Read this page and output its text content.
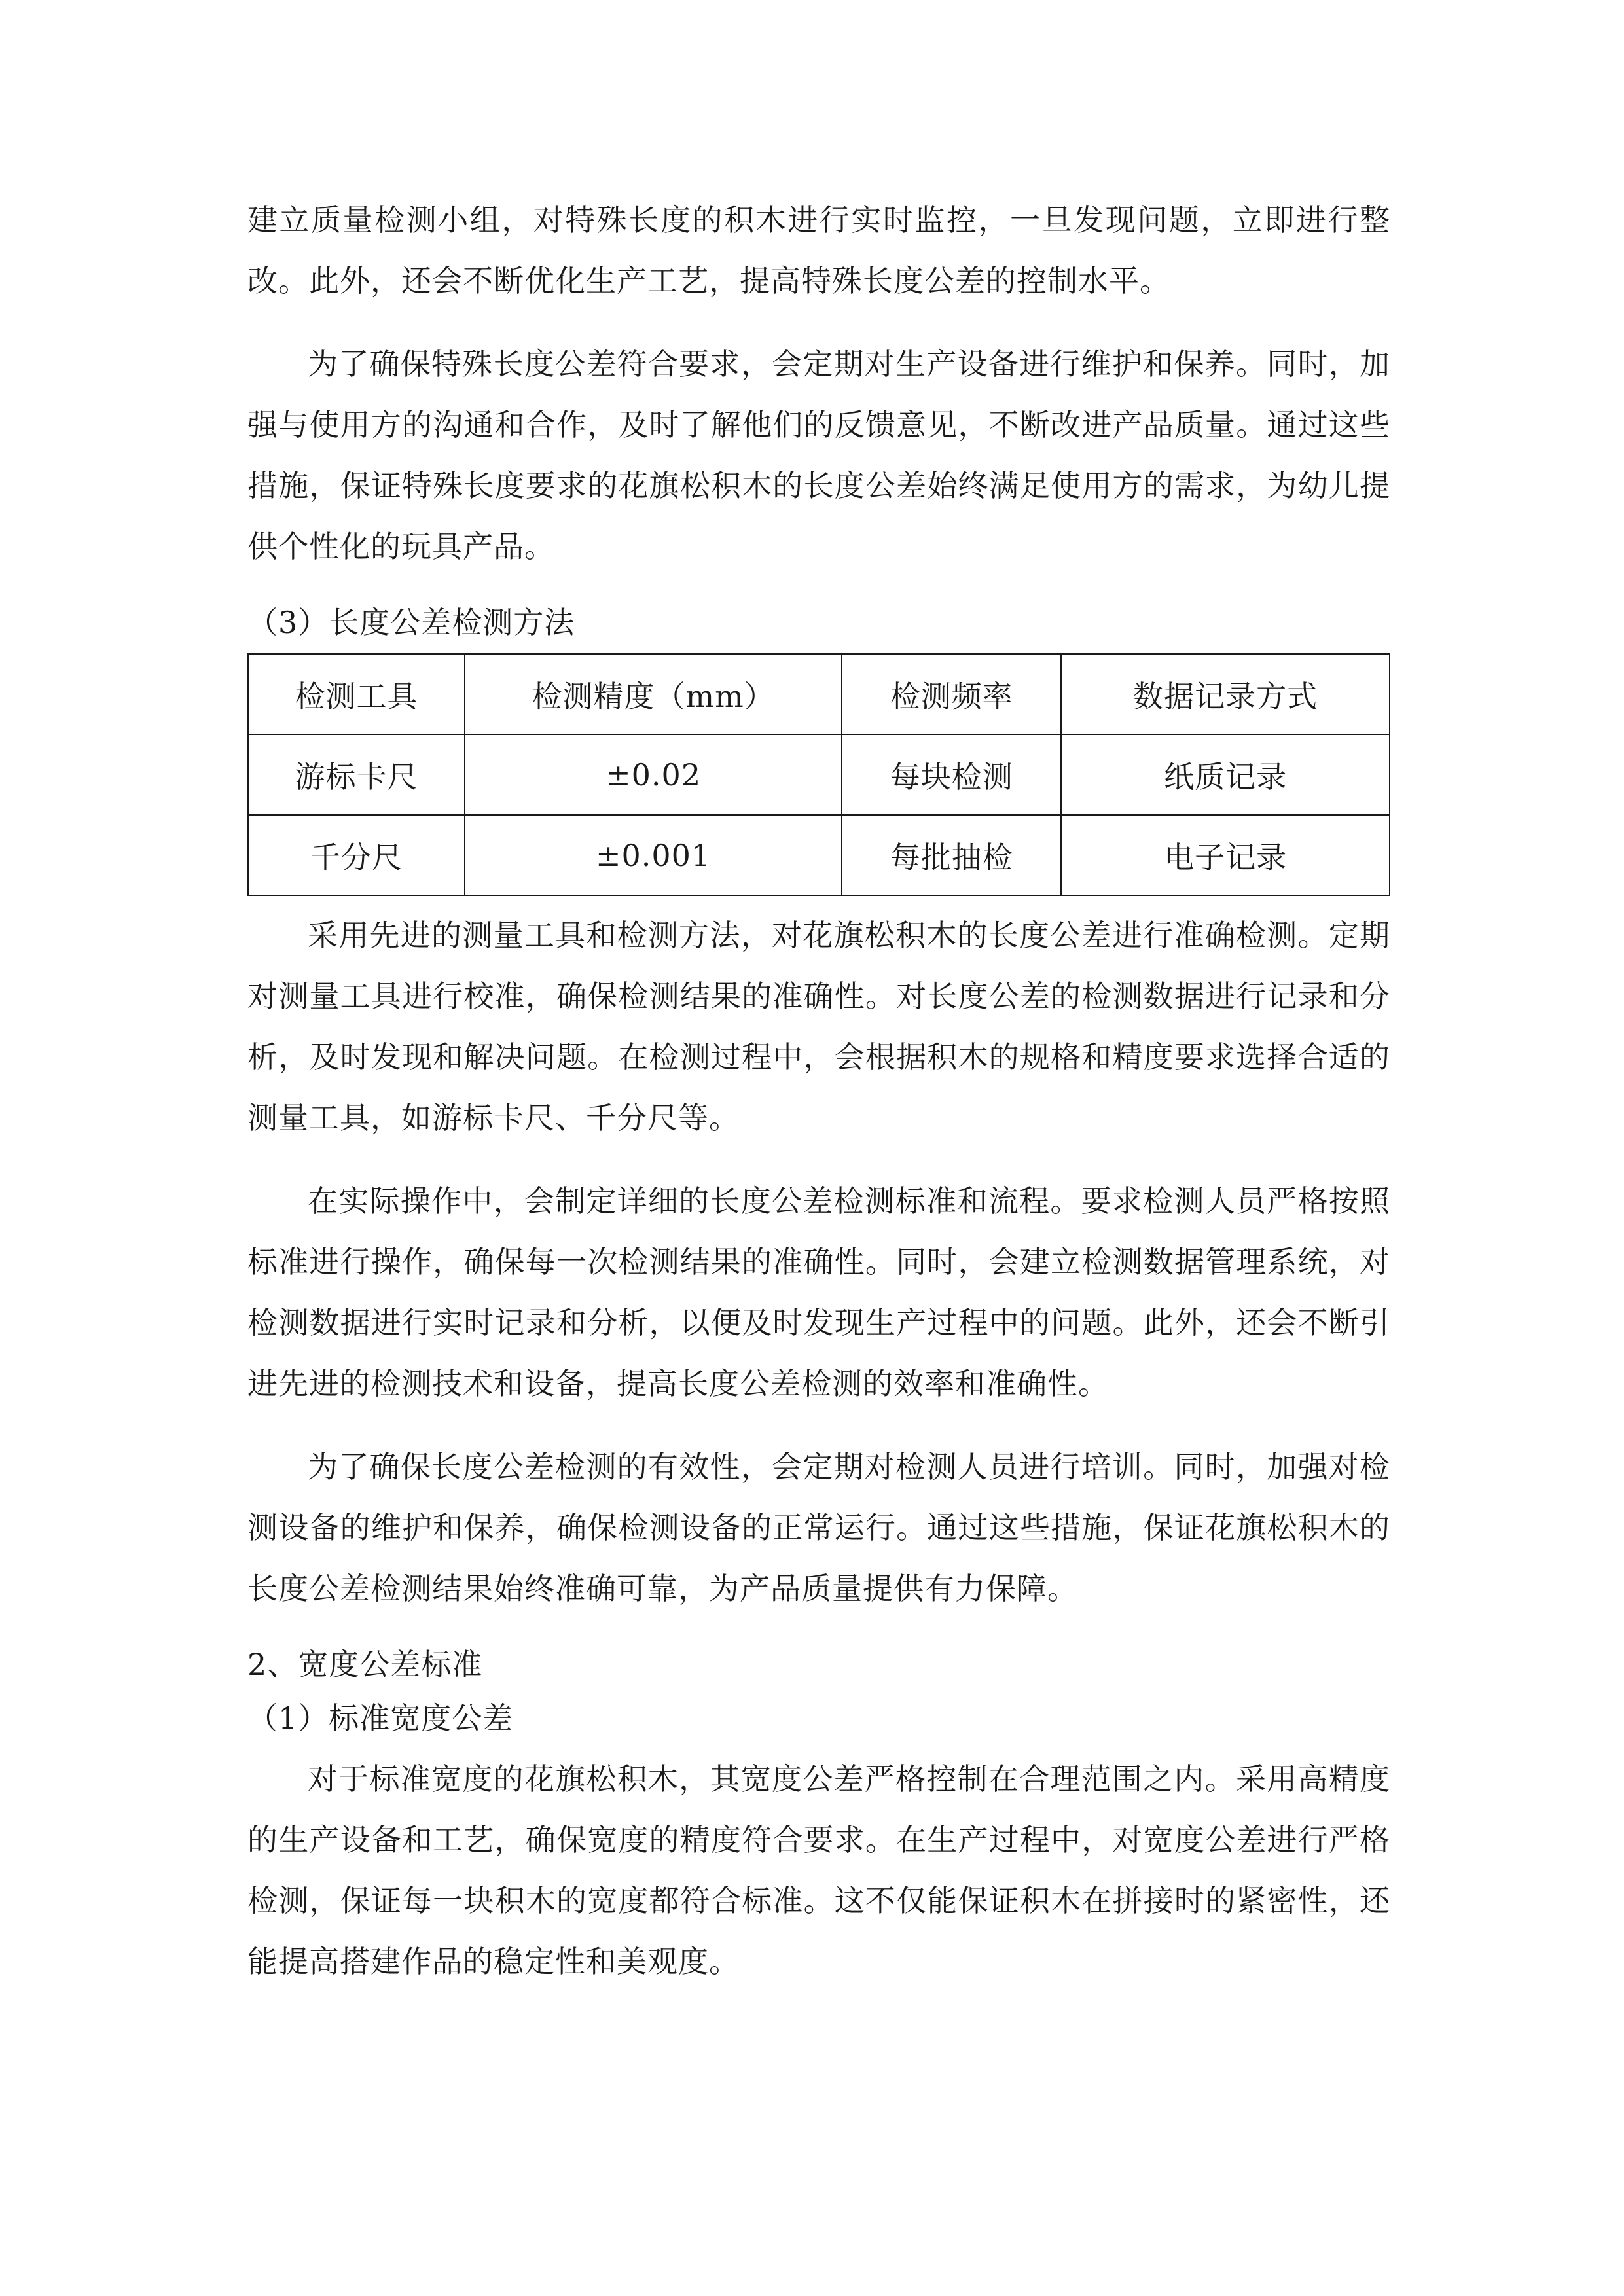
建立质量检测小组，对特殊长度的积木进行实时监控，一旦发现问题，立即进行整改。此外，还会不断优化生产工艺，提高特殊长度公差的控制水平。

为了确保特殊长度公差符合要求，会定期对生产设备进行维护和保养。同时，加强与使用方的沟通和合作，及时了解他们的反馈意见，不断改进产品质量。通过这些措施，保证特殊长度要求的花旗松积木的长度公差始终满足使用方的需求，为幼儿提供个性化的玩具产品。

（3）长度公差检测方法
检测工具	检测精度（mm）	检测频率	数据记录方式
游标卡尺	±0.02	每块检测	纸质记录
千分尺	±0.001	每批抽检	电子记录

采用先进的测量工具和检测方法，对花旗松积木的长度公差进行准确检测。定期对测量工具进行校准，确保检测结果的准确性。对长度公差的检测数据进行记录和分析，及时发现和解决问题。在检测过程中，会根据积木的规格和精度要求选择合适的测量工具，如游标卡尺、千分尺等。

在实际操作中，会制定详细的长度公差检测标准和流程。要求检测人员严格按照标准进行操作，确保每一次检测结果的准确性。同时，会建立检测数据管理系统，对检测数据进行实时记录和分析，以便及时发现生产过程中的问题。此外，还会不断引进先进的检测技术和设备，提高长度公差检测的效率和准确性。

为了确保长度公差检测的有效性，会定期对检测人员进行培训。同时，加强对检测设备的维护和保养，确保检测设备的正常运行。通过这些措施，保证花旗松积木的长度公差检测结果始终准确可靠，为产品质量提供有力保障。

2、宽度公差标准
（1）标准宽度公差

对于标准宽度的花旗松积木，其宽度公差严格控制在合理范围之内。采用高精度的生产设备和工艺，确保宽度的精度符合要求。在生产过程中，对宽度公差进行严格检测，保证每一块积木的宽度都符合标准。这不仅能保证积木在拼接时的紧密性，还能提高搭建作品的稳定性和美观度。
